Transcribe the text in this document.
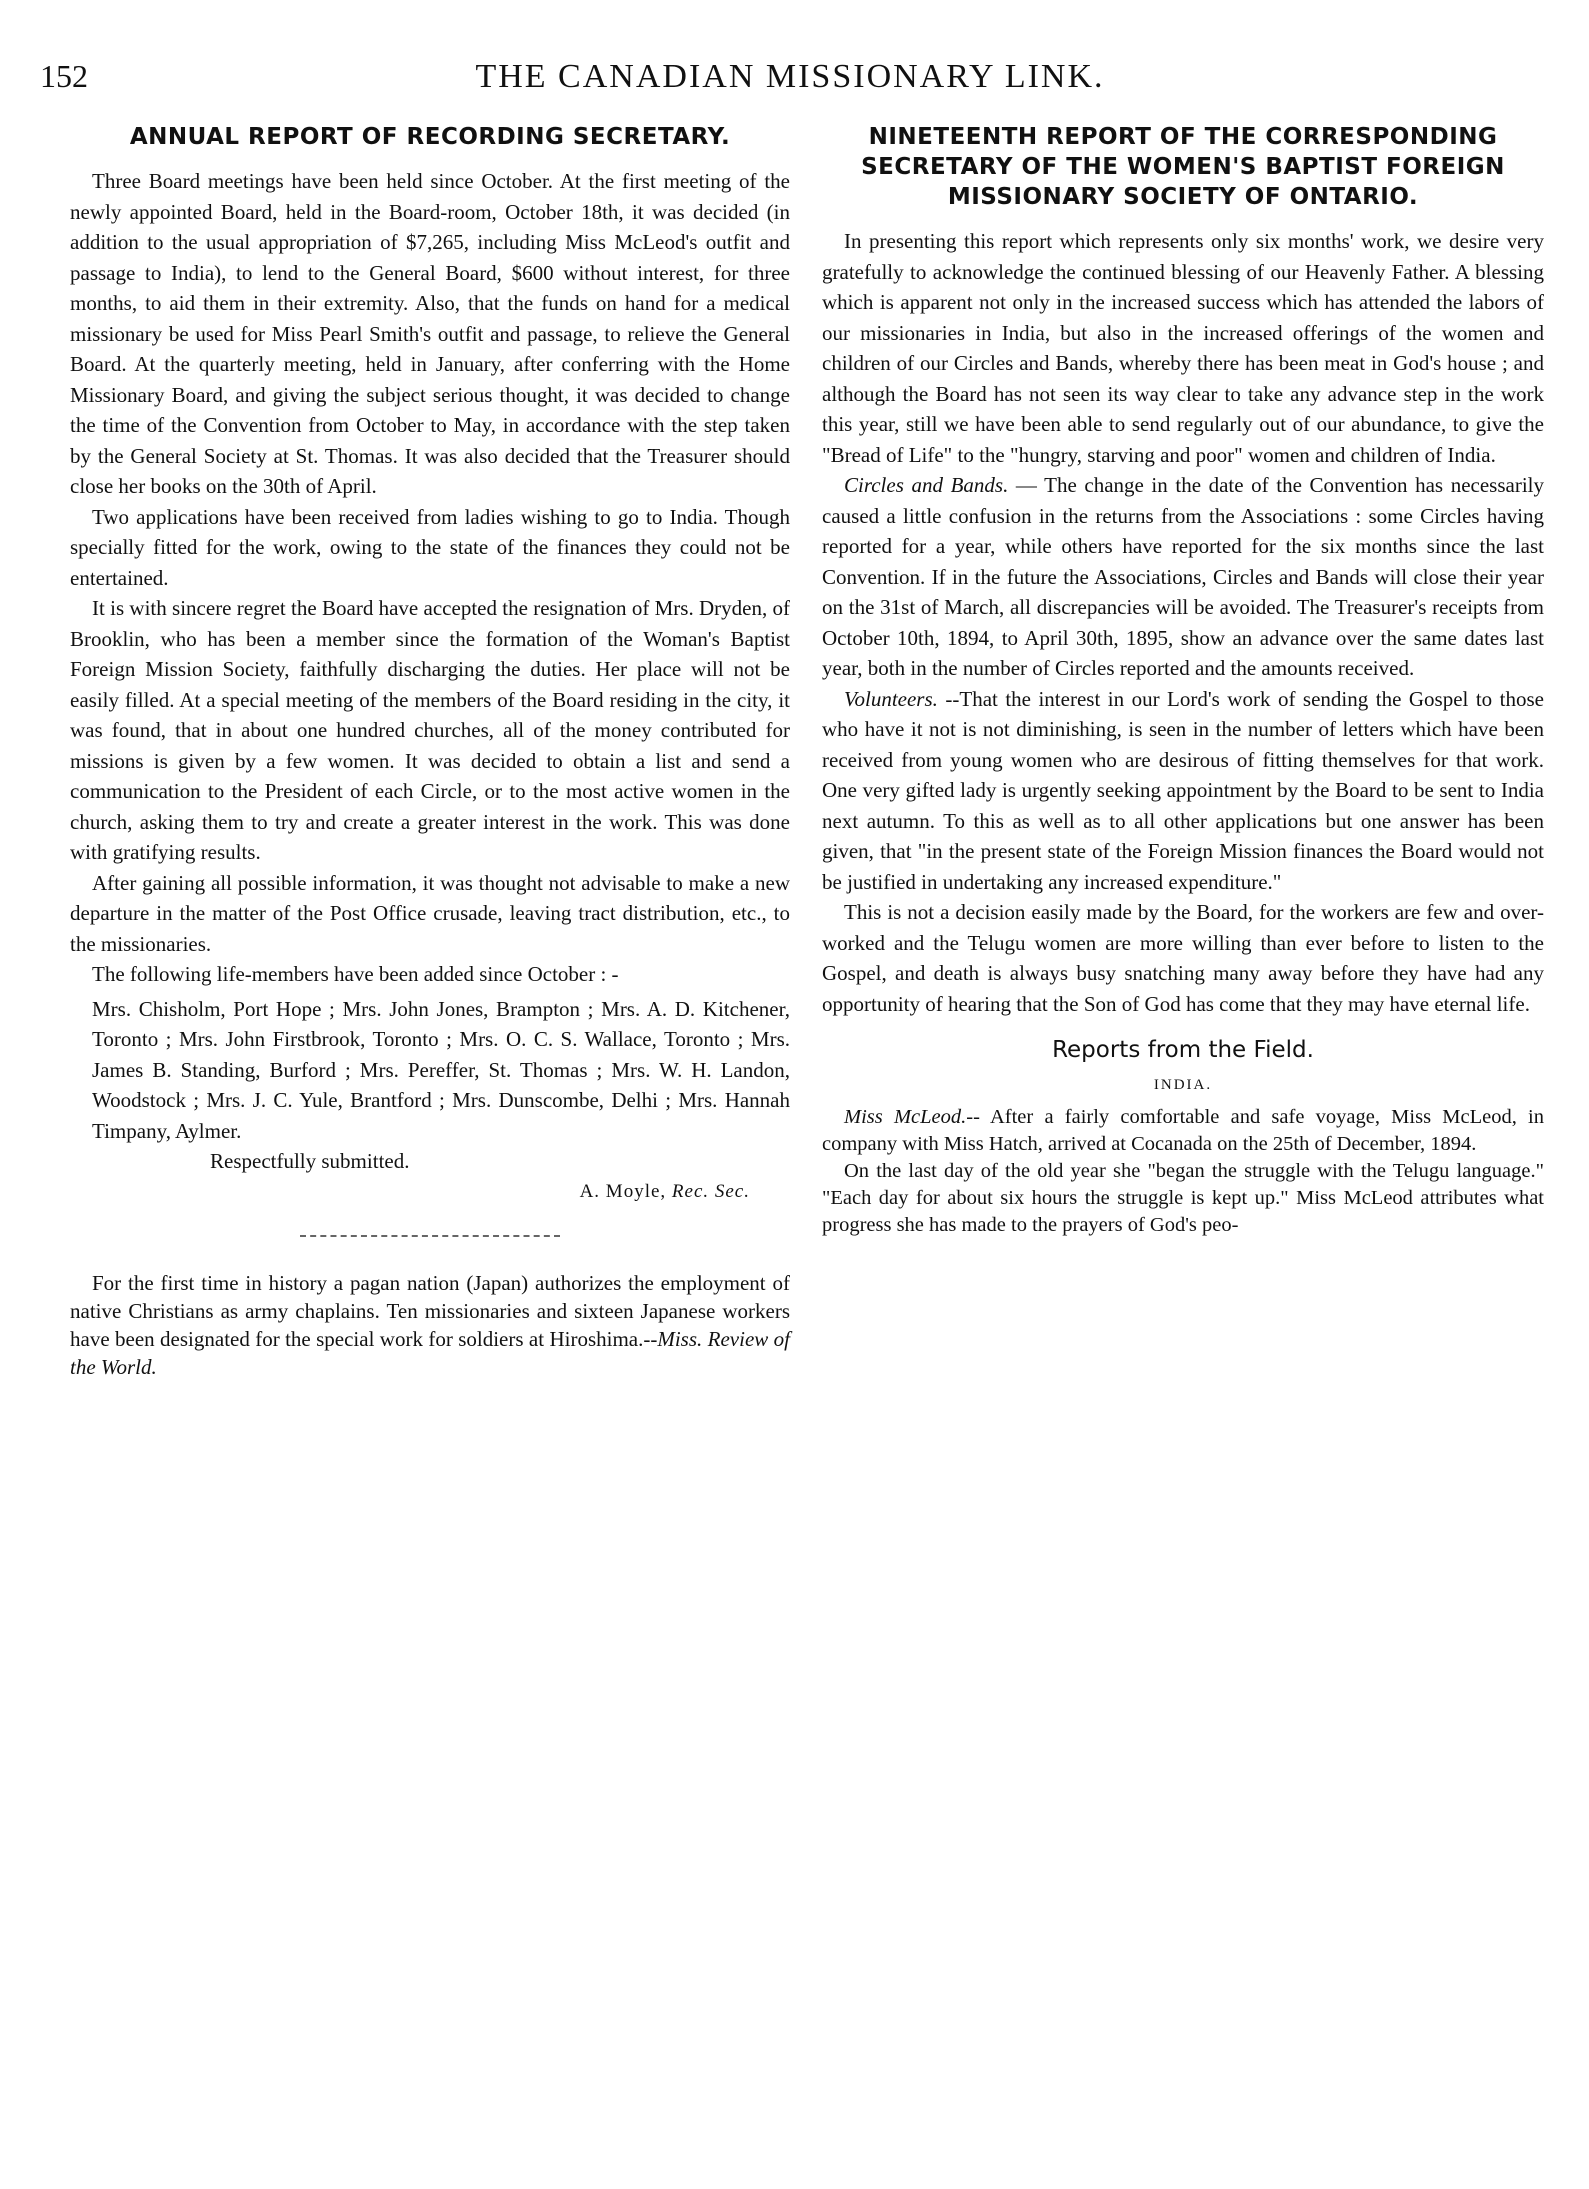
152	THE CANADIAN MISSIONARY LINK.
ANNUAL REPORT OF RECORDING SECRETARY.

Three Board meetings have been held since October. At the first meeting of the newly appointed Board, held in the Board-room, October 18th, it was decided (in addition to the usual appropriation of $7,265, including Miss McLeod's outfit and passage to India), to lend to the General Board, $600 without interest, for three months, to aid them in their extremity. Also, that the funds on hand for a medical missionary be used for Miss Pearl Smith's outfit and passage, to relieve the General Board. At the quarterly meeting, held in January, after conferring with the Home Missionary Board, and giving the subject serious thought, it was decided to change the time of the Convention from October to May, in accordance with the step taken by the General Society at St. Thomas. It was also decided that the Treasurer should close her books on the 30th of April.

Two applications have been received from ladies wishing to go to India. Though specially fitted for the work, owing to the state of the finances they could not be entertained.

It is with sincere regret the Board have accepted the resignation of Mrs. Dryden, of Brooklin, who has been a member since the formation of the Woman's Baptist Foreign Mission Society, faithfully discharging the duties. Her place will not be easily filled. At a special meeting of the members of the Board residing in the city, it was found, that in about one hundred churches, all of the money contributed for missions is given by a few women. It was decided to obtain a list and send a communication to the President of each Circle, or to the most active women in the church, asking them to try and create a greater interest in the work. This was done with gratifying results.

After gaining all possible information, it was thought not advisable to make a new departure in the matter of the Post Office crusade, leaving tract distribution, etc., to the missionaries.

The following life-members have been added since October : -

Mrs. Chisholm, Port Hope ; Mrs. John Jones, Brampton ; Mrs. A. D. Kitchener, Toronto ; Mrs. John Firstbrook, Toronto ; Mrs. O. C. S. Wallace, Toronto ; Mrs. James B. Standing, Burford ; Mrs. Pereffer, St. Thomas ; Mrs. W. H. Landon, Woodstock ; Mrs. J. C. Yule, Brantford ; Mrs. Dunscombe, Delhi ; Mrs. Hannah Timpany, Aylmer.

Respectfully submitted.

A. Moyle, Rec. Sec.

For the first time in history a pagan nation (Japan) authorizes the employment of native Christians as army chaplains. Ten missionaries and sixteen Japanese workers have been designated for the special work for soldiers at Hiroshima.--Miss. Review of the World.

NINETEENTH REPORT OF THE CORRESPONDING SECRETARY OF THE WOMEN'S BAPTIST FOREIGN MISSIONARY SOCIETY OF ONTARIO.

In presenting this report which represents only six months' work, we desire very gratefully to acknowledge the continued blessing of our Heavenly Father. A blessing which is apparent not only in the increased success which has attended the labors of our missionaries in India, but also in the increased offerings of the women and children of our Circles and Bands, whereby there has been meat in God's house ; and although the Board has not seen its way clear to take any advance step in the work this year, still we have been able to send regularly out of our abundance, to give the "Bread of Life" to the "hungry, starving and poor" women and children of India.

Circles and Bands. — The change in the date of the Convention has necessarily caused a little confusion in the returns from the Associations : some Circles having reported for a year, while others have reported for the six months since the last Convention. If in the future the Associations, Circles and Bands will close their year on the 31st of March, all discrepancies will be avoided. The Treasurer's receipts from October 10th, 1894, to April 30th, 1895, show an advance over the same dates last year, both in the number of Circles reported and the amounts received.

Volunteers. --That the interest in our Lord's work of sending the Gospel to those who have it not is not diminishing, is seen in the number of letters which have been received from young women who are desirous of fitting themselves for that work. One very gifted lady is urgently seeking appointment by the Board to be sent to India next autumn. To this as well as to all other applications but one answer has been given, that "in the present state of the Foreign Mission finances the Board would not be justified in undertaking any increased expenditure."

This is not a decision easily made by the Board, for the workers are few and over-worked and the Telugu women are more willing than ever before to listen to the Gospel, and death is always busy snatching many away before they have had any opportunity of hearing that the Son of God has come that they may have eternal life.

Reports from the Field.
INDIA.

Miss McLeod.-- After a fairly comfortable and safe voyage, Miss McLeod, in company with Miss Hatch, arrived at Cocanada on the 25th of December, 1894.

On the last day of the old year she "began the struggle with the Telugu language." "Each day for about six hours the struggle is kept up." Miss McLeod attributes what progress she has made to the prayers of God's peo-
